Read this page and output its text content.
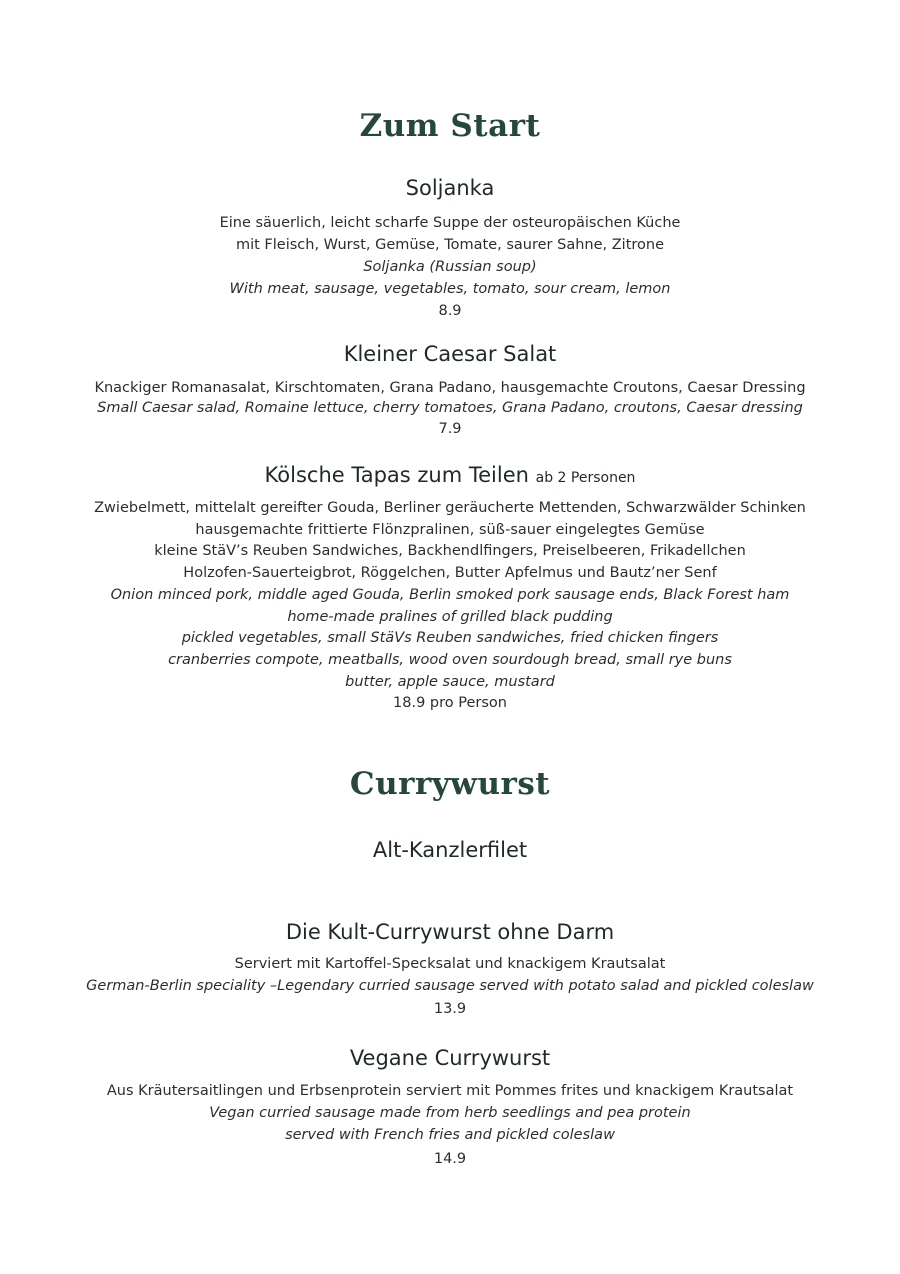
Zum Start
Soljanka
Eine säuerlich, leicht scharfe Suppe der osteuropäischen Küche
mit Fleisch, Wurst, Gemüse, Tomate, saurer Sahne, Zitrone
Soljanka (Russian soup)
With meat, sausage, vegetables, tomato, sour cream, lemon
8.9
Kleiner Caesar Salat
Knackiger Romanasalat, Kirschtomaten, Grana Padano, hausgemachte Croutons, Caesar Dressing
Small Caesar salad, Romaine lettuce, cherry tomatoes, Grana Padano, croutons, Caesar dressing
7.9
Kölsche Tapas zum Teilen ab 2 Personen
Zwiebelmett, mittelalt gereifter Gouda, Berliner geräucherte Mettenden, Schwarzwälder Schinken
hausgemachte frittierte Flönzpralinen, süß-sauer eingelegtes Gemüse
kleine StäV’s Reuben Sandwiches, Backhendlfingers, Preiselbeeren, Frikadellchen
Holzofen-Sauerteigbrot, Röggelchen, Butter Apfelmus und Bautz’ner Senf
Onion minced pork, middle aged Gouda, Berlin smoked pork sausage ends, Black Forest ham
home-made pralines of grilled black pudding
pickled vegetables, small StäVs Reuben sandwiches, fried chicken fingers
cranberries compote, meatballs, wood oven sourdough bread, small rye buns
butter, apple sauce, mustard
18.9 pro Person
Currywurst
Alt-Kanzlerfilet
Die Kult-Currywurst ohne Darm
Serviert mit Kartoffel-Specksalat und knackigem Krautsalat
German-Berlin speciality –Legendary curried sausage served with potato salad and pickled coleslaw
13.9
Vegane Currywurst
Aus Kräutersaitlingen und Erbsenprotein serviert mit Pommes frites und knackigem Krautsalat
Vegan curried sausage made from herb seedlings and pea protein
served with French fries and pickled coleslaw
14.9
